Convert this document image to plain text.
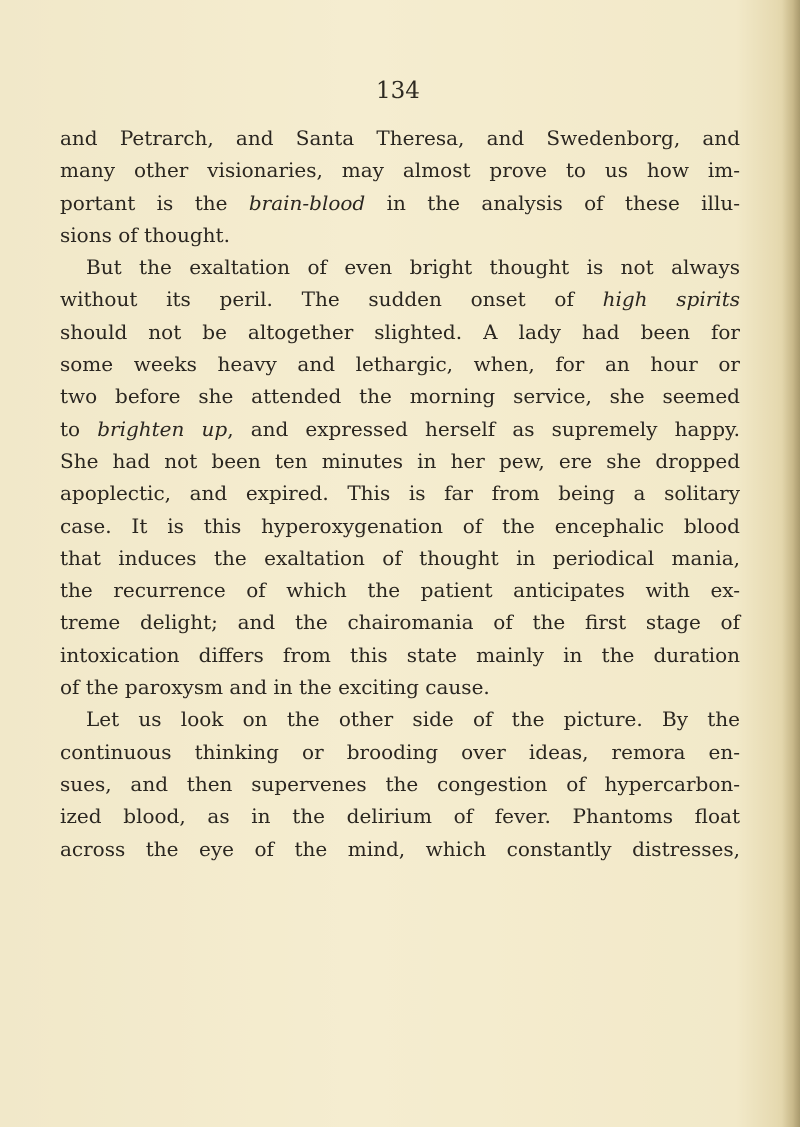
134
and Petrarch, and Santa Theresa, and Swedenborg, and
many other visionaries, may almost prove to us how im-
portant is the brain-blood in the analysis of these illu-
sions of thought.
But the exaltation of even bright thought is not always
without its peril. The sudden onset of high spirits
should not be altogether slighted. A lady had been for
some weeks heavy and lethargic, when, for an hour or
two before she attended the morning service, she seemed
to brighten up, and expressed herself as supremely happy.
She had not been ten minutes in her pew, ere she dropped
apoplectic, and expired. This is far from being a solitary
case. It is this hyperoxygenation of the encephalic blood
that induces the exaltation of thought in periodical mania,
the recurrence of which the patient anticipates with ex-
treme delight; and the chairomania of the first stage of
intoxication differs from this state mainly in the duration
of the paroxysm and in the exciting cause.
Let us look on the other side of the picture. By the
continuous thinking or brooding over ideas, remora en-
sues, and then supervenes the congestion of hypercarbon-
ized blood, as in the delirium of fever. Phantoms float
across the eye of the mind, which constantly distresses,
